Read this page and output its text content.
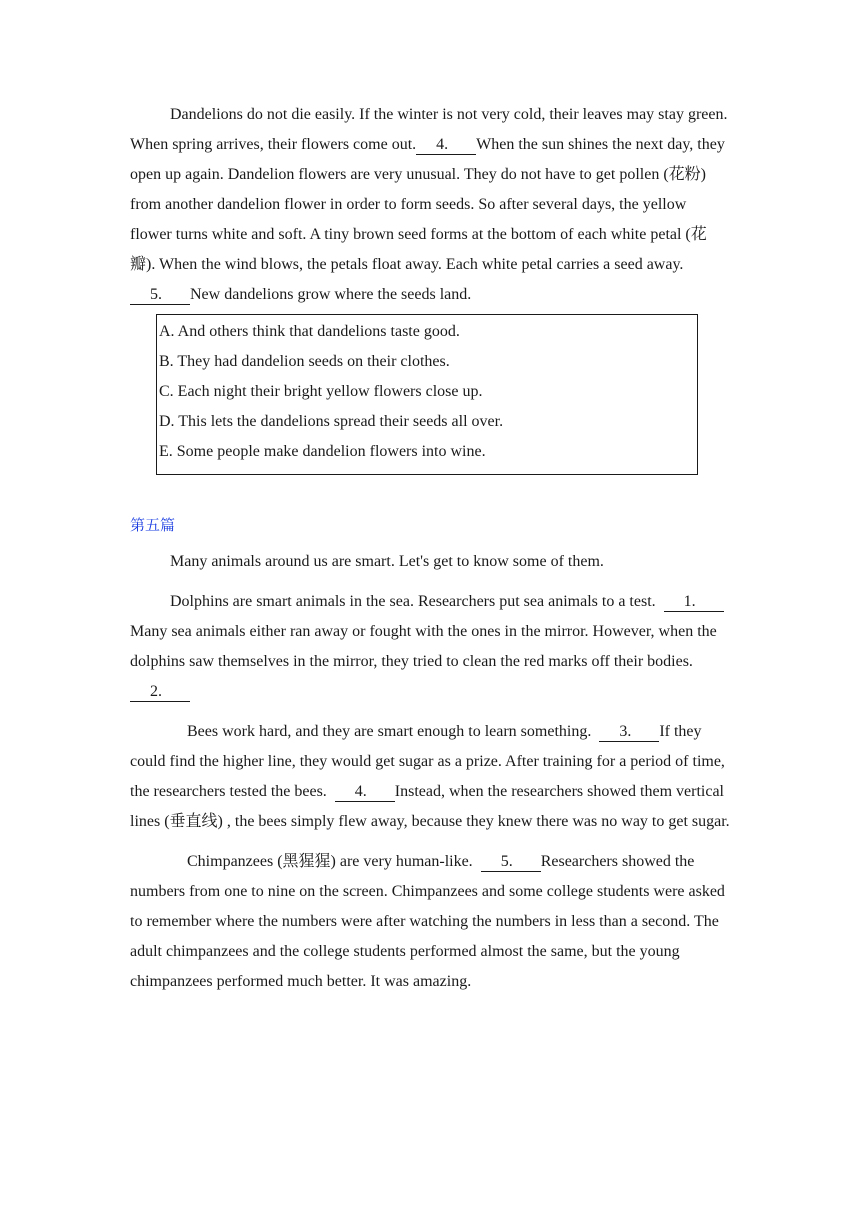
Dandelions do not die easily. If the winter is not very cold, their leaves may stay green. When spring arrives, their flowers come out. 4. When the sun shines the next day, they open up again. Dandelion flowers are very unusual. They do not have to get pollen (花粉) from another dandelion flower in order to form seeds. So after several days, the yellow flower turns white and soft. A tiny brown seed forms at the bottom of each white petal (花瓣). When the wind blows, the petals float away. Each white petal carries a seed away.  5. New dandelions grow where the seeds land.

A. And others think that dandelions taste good.

B. They had dandelion seeds on their clothes.

C. Each night their bright yellow flowers close up.

D. This lets the dandelions spread their seeds all over.

E. Some people make dandelion flowers into wine.

第五篇

Many animals around us are smart. Let's get to know some of them.

Dolphins are smart animals in the sea. Researchers put sea animals to a test. 1.Many sea animals either ran away or fought with the ones in the mirror. However, when the dolphins saw themselves in the mirror, they tried to clean the red marks off their bodies.  2.

Bees work hard, and they are smart enough to learn something. 3. If they could find the higher line, they would get sugar as a prize. After training for a period of time, the researchers tested the bees. 4. Instead, when the researchers showed them vertical lines (垂直线) , the bees simply flew away, because they knew there was no way to get sugar.

Chimpanzees (黑猩猩) are very human-like. 5. Researchers showed the numbers from one to nine on the screen. Chimpanzees and some college students were asked to remember where the numbers were after watching the numbers in less than a second. The adult chimpanzees and the college students performed almost the same, but the young chimpanzees performed much better. It was amazing.
